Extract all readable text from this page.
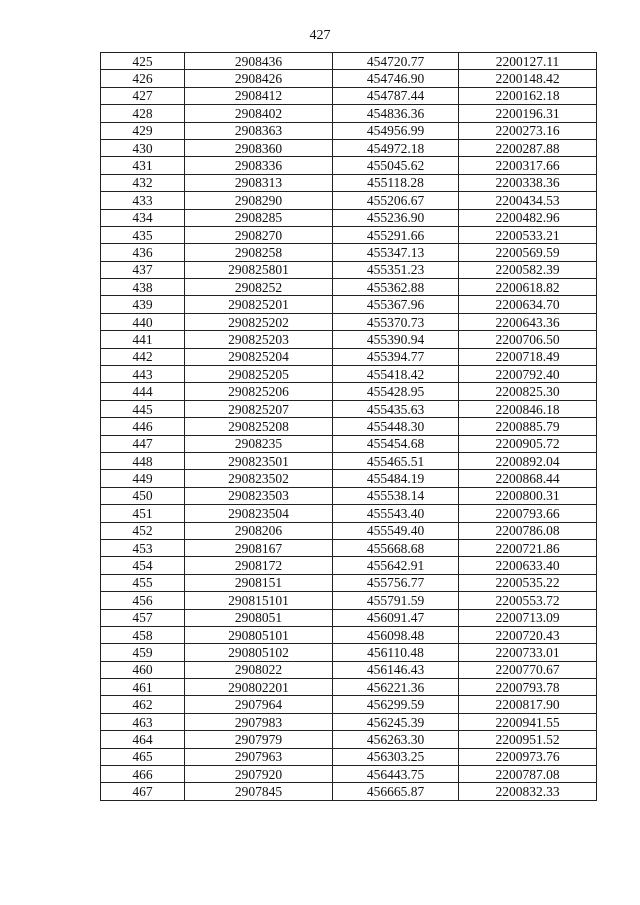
427
425	2908436	454720.77	2200127.11
426	2908426	454746.90	2200148.42
427	2908412	454787.44	2200162.18
428	2908402	454836.36	2200196.31
429	2908363	454956.99	2200273.16
430	2908360	454972.18	2200287.88
431	2908336	455045.62	2200317.66
432	2908313	455118.28	2200338.36
433	2908290	455206.67	2200434.53
434	2908285	455236.90	2200482.96
435	2908270	455291.66	2200533.21
436	2908258	455347.13	2200569.59
437	290825801	455351.23	2200582.39
438	2908252	455362.88	2200618.82
439	290825201	455367.96	2200634.70
440	290825202	455370.73	2200643.36
441	290825203	455390.94	2200706.50
442	290825204	455394.77	2200718.49
443	290825205	455418.42	2200792.40
444	290825206	455428.95	2200825.30
445	290825207	455435.63	2200846.18
446	290825208	455448.30	2200885.79
447	2908235	455454.68	2200905.72
448	290823501	455465.51	2200892.04
449	290823502	455484.19	2200868.44
450	290823503	455538.14	2200800.31
451	290823504	455543.40	2200793.66
452	2908206	455549.40	2200786.08
453	2908167	455668.68	2200721.86
454	2908172	455642.91	2200633.40
455	2908151	455756.77	2200535.22
456	290815101	455791.59	2200553.72
457	2908051	456091.47	2200713.09
458	290805101	456098.48	2200720.43
459	290805102	456110.48	2200733.01
460	2908022	456146.43	2200770.67
461	290802201	456221.36	2200793.78
462	2907964	456299.59	2200817.90
463	2907983	456245.39	2200941.55
464	2907979	456263.30	2200951.52
465	2907963	456303.25	2200973.76
466	2907920	456443.75	2200787.08
467	2907845	456665.87	2200832.33
